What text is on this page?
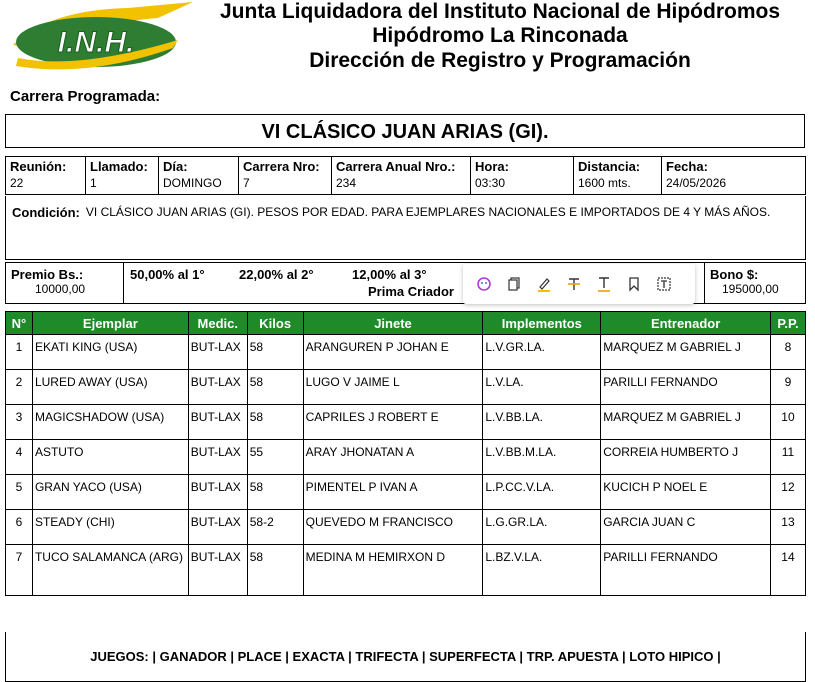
I.N.H.
Junta Liquidadora del Instituto Nacional de Hipódromos
Hipódromo La Rinconada
Dirección de Registro y Programación
Carrera Programada:
VI CLÁSICO JUAN ARIAS (GI).
Reunión:
22
Llamado:
1
Día:
DOMINGO
Carrera Nro:
7
Carrera Anual Nro.:
234
Hora:
03:30
Distancia:
1600 mts.
Fecha:
24/05/2026
Condición: VI CLÁSICO JUAN ARIAS (GI). PESOS POR EDAD. PARA EJEMPLARES NACIONALES E IMPORTADOS DE 4 Y MÁS AÑOS.
Premio Bs.:
10000,00
50,00% al 1°	22,00% al 2°	12,00% al 3°
Prima Criador
Bono $:
195000,00
N°	Ejemplar	Medic.	Kilos	Jinete	Implementos	Entrenador	P.P.
1	EKATI KING (USA)	BUT-LAX	58	ARANGUREN P JOHAN E	L.V.GR.LA.	MARQUEZ M GABRIEL J	8
2	LURED AWAY (USA)	BUT-LAX	58	LUGO V JAIME L	L.V.LA.	PARILLI FERNANDO	9
3	MAGICSHADOW (USA)	BUT-LAX	58	CAPRILES J ROBERT E	L.V.BB.LA.	MARQUEZ M GABRIEL J	10
4	ASTUTO	BUT-LAX	55	ARAY JHONATAN A	L.V.BB.M.LA.	CORREIA HUMBERTO J	11
5	GRAN YACO (USA)	BUT-LAX	58	PIMENTEL P IVAN A	L.P.CC.V.LA.	KUCICH P NOEL E	12
6	STEADY (CHI)	BUT-LAX	58-2	QUEVEDO M FRANCISCO	L.G.GR.LA.	GARCIA JUAN C	13
7	TUCO SALAMANCA (ARG)	BUT-LAX	58	MEDINA M HEMIRXON D	L.BZ.V.LA.	PARILLI FERNANDO	14
JUEGOS: | GANADOR | PLACE | EXACTA | TRIFECTA | SUPERFECTA | TRP. APUESTA | LOTO HIPICO |
